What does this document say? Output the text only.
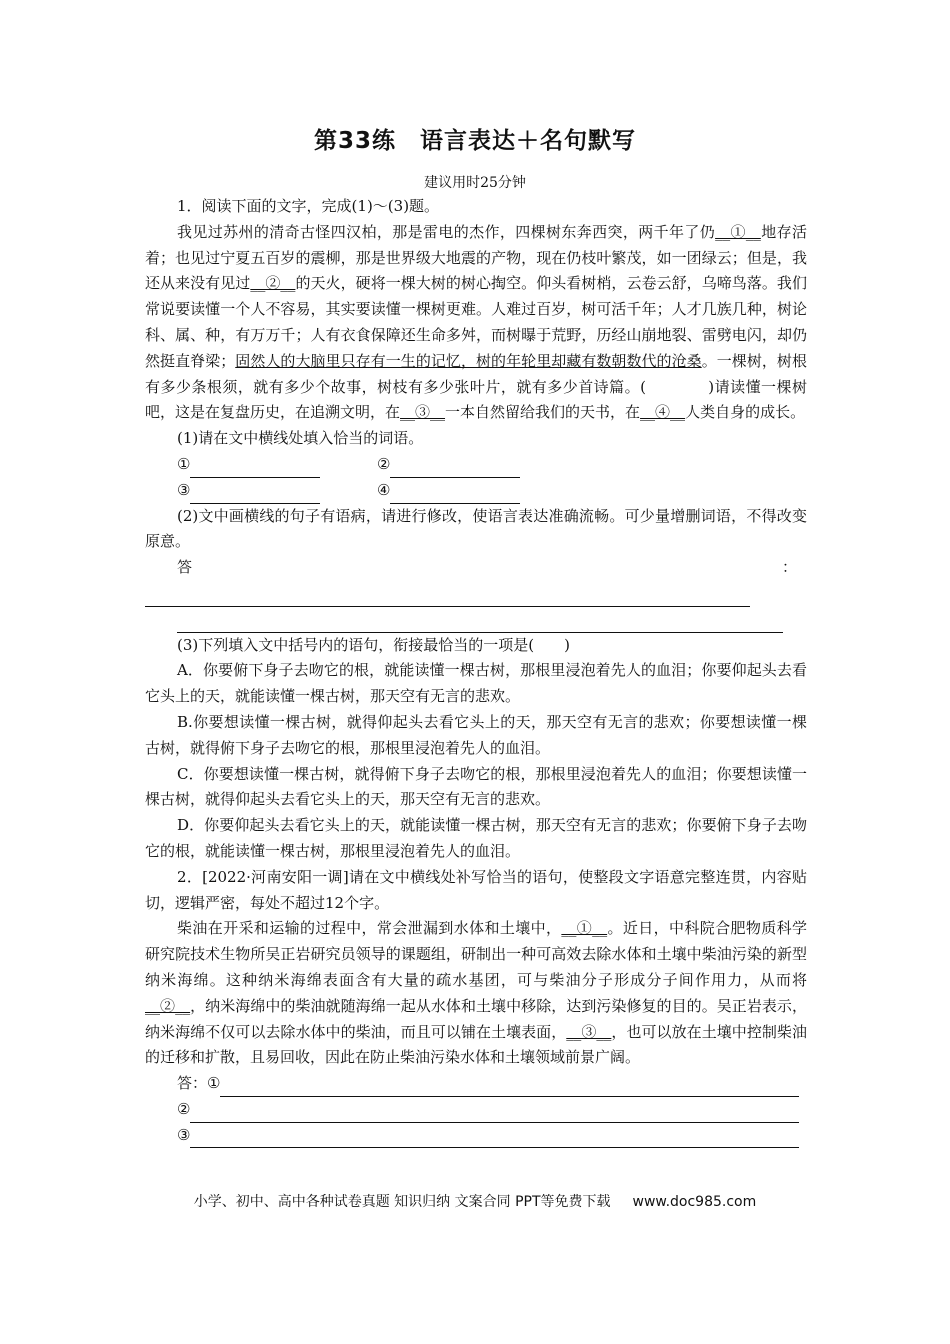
第33练　语言表达＋名句默写
建议用时25分钟

1．阅读下面的文字，完成(1)～(3)题。

我见过苏州的清奇古怪四汉柏，那是雷电的杰作，四棵树东奔西突，两千年了仍__①__地存活着；也见过宁夏五百岁的震柳，那是世界级大地震的产物，现在仍枝叶繁茂，如一团绿云；但是，我还从来没有见过__②__的天火，硬将一棵大树的树心掏空。仰头看树梢，云卷云舒，乌啼鸟落。我们常说要读懂一个人不容易，其实要读懂一棵树更难。人难过百岁，树可活千年；人才几族几种，树论科、属、种，有万万千；人有衣食保障还生命多舛，而树曝于荒野，历经山崩地裂、雷劈电闪，却仍然挺直脊梁；固然人的大脑里只存有一生的记忆，树的年轮里却藏有数朝数代的沧桑。一棵树，树根有多少条根须，就有多少个故事，树枝有多少张叶片，就有多少首诗篇。(　　　　)请读懂一棵树吧，这是在复盘历史，在追溯文明，在__③__一本自然留给我们的天书，在__④__人类自身的成长。

(1)请在文中横线处填入恰当的词语。

①	②
③	④

(2)文中画横线的句子有语病，请进行修改，使语言表达准确流畅。可少量增删词语，不得改变原意。

答	：

(3)下列填入文中括号内的语句，衔接最恰当的一项是(　　)

A．你要俯下身子去吻它的根，就能读懂一棵古树，那根里浸泡着先人的血泪；你要仰起头去看它头上的天，就能读懂一棵古树，那天空有无言的悲欢。

B.你要想读懂一棵古树，就得仰起头去看它头上的天，那天空有无言的悲欢；你要想读懂一棵古树，就得俯下身子去吻它的根，那根里浸泡着先人的血泪。

C．你要想读懂一棵古树，就得俯下身子去吻它的根，那根里浸泡着先人的血泪；你要想读懂一棵古树，就得仰起头去看它头上的天，那天空有无言的悲欢。

D．你要仰起头去看它头上的天，就能读懂一棵古树，那天空有无言的悲欢；你要俯下身子去吻它的根，就能读懂一棵古树，那根里浸泡着先人的血泪。

2．[2022·河南安阳一调]请在文中横线处补写恰当的语句，使整段文字语意完整连贯，内容贴切，逻辑严密，每处不超过12个字。

柴油在开采和运输的过程中，常会泄漏到水体和土壤中，__①__。近日，中科院合肥物质科学研究院技术生物所吴正岩研究员领导的课题组，研制出一种可高效去除水体和土壤中柴油污染的新型纳米海绵。这种纳米海绵表面含有大量的疏水基团，可与柴油分子形成分子间作用力，从而将__②__，纳米海绵中的柴油就随海绵一起从水体和土壤中移除，达到污染修复的目的。吴正岩表示，纳米海绵不仅可以去除水体中的柴油，而且可以铺在土壤表面，__③__，也可以放在土壤中控制柴油的迁移和扩散，且易回收，因此在防止柴油污染水体和土壤领域前景广阔。

答： ①
②
③
小学、初中、高中各种试卷真题 知识归纳 文案合同 PPT等免费下载 www.doc985.com
